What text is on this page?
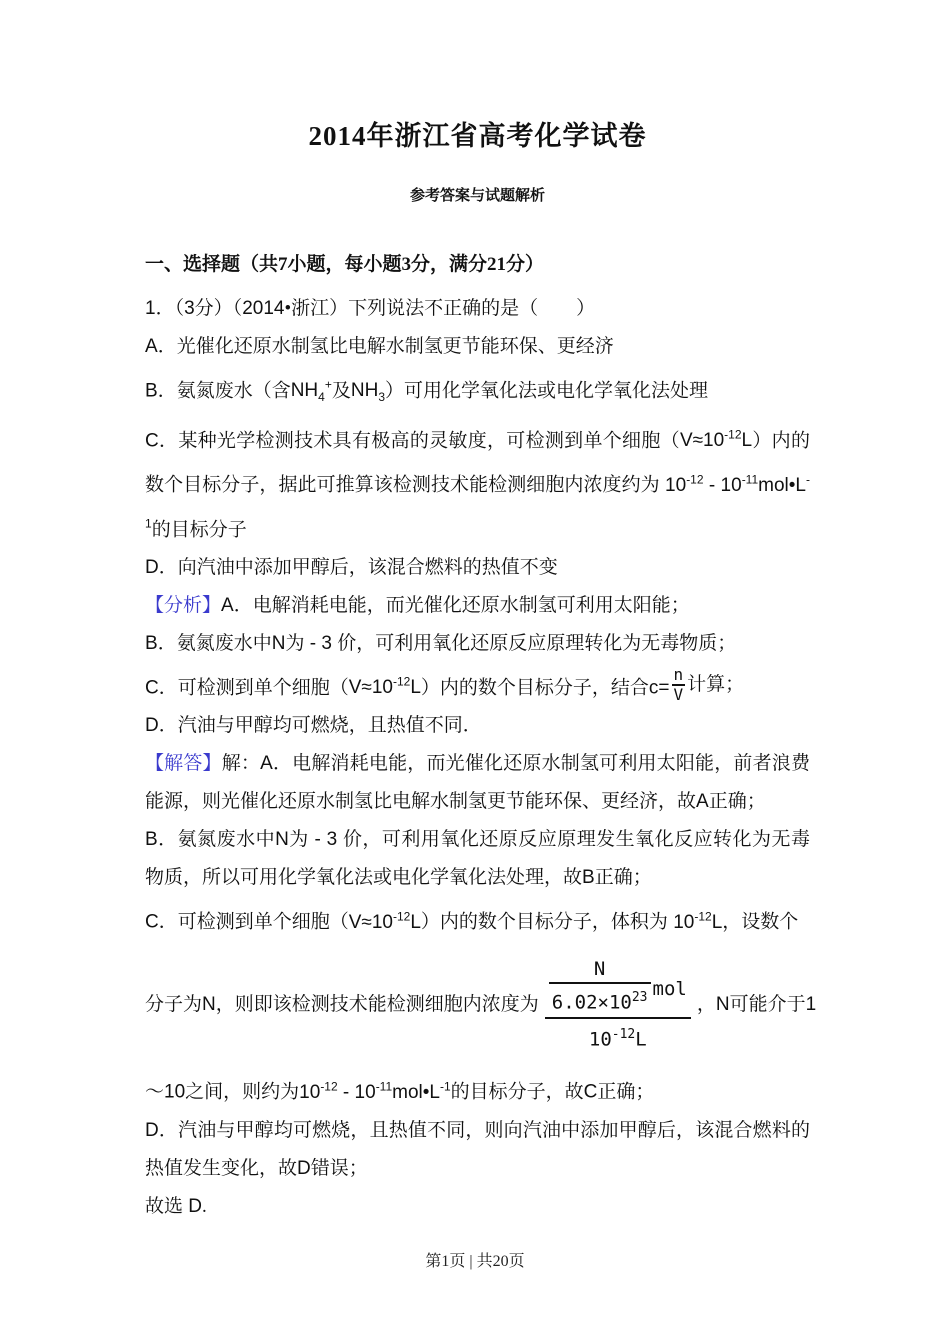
2014年浙江省高考化学试卷
参考答案与试题解析
一、选择题（共7小题，每小题3分，满分21分）

1．（3分）（2014•浙江）下列说法不正确的是（　　）

A．光催化还原水制氢比电解水制氢更节能环保、更经济

B．氨氮废水（含$NH_4^+$及$NH_3$）可用化学氧化法或电化学氧化法处理

C．某种光学检测技术具有极高的灵敏度，可检测到单个细胞$(V\approx 10^{-12}L)$内的数个目标分子，据此可推算该检测技术能检测细胞内浓度约为 $10^{-12}$ - $10^{-11}mol•L^{-1}$的目标分子

D．向汽油中添加甲醇后，该混合燃料的热值不变

【分析】A．电解消耗电能，而光催化还原水制氢可利用太阳能；

B．氨氮废水中N为 - 3 价，可利用氧化还原反应原理转化为无毒物质；

C．可检测到单个细胞$(V\approx 10^{-12}L)$内的数个目标分子，结合$c= \frac{n}{V}$ 计算；

D．汽油与甲醇均可燃烧，且热值不同．

【解答】解：A．电解消耗电能，而光催化还原水制氢可利用太阳能，前者浪费能源，则光催化还原水制氢比电解水制氢更节能环保、更经济，故A正确；

B．氨氮废水中N为 - 3 价，可利用氧化还原反应原理发生氧化反应转化为无毒物质，所以可用化学氧化法或电化学氧化法处理，故B正确；

C．可检测到单个细胞$(V\approx 10^{-12}L)$内的数个目标分子，体积为 $10^{-12}L$，设数个

分子为N，则即该检测技术能检测细胞内浓度为 $\frac{N}{6.02\times 10^{23}}$ mol
$10^{-12}L$
，N可能介于1

～10之间，则约为$10^{-12}$ - $10^{-11}mol•L^{-1}$的目标分子，故C正确；

D．汽油与甲醇均可燃烧，且热值不同，则向汽油中添加甲醇后，该混合燃料的热值发生变化，故D错误；

故选 D.

第1页 | 共20页
